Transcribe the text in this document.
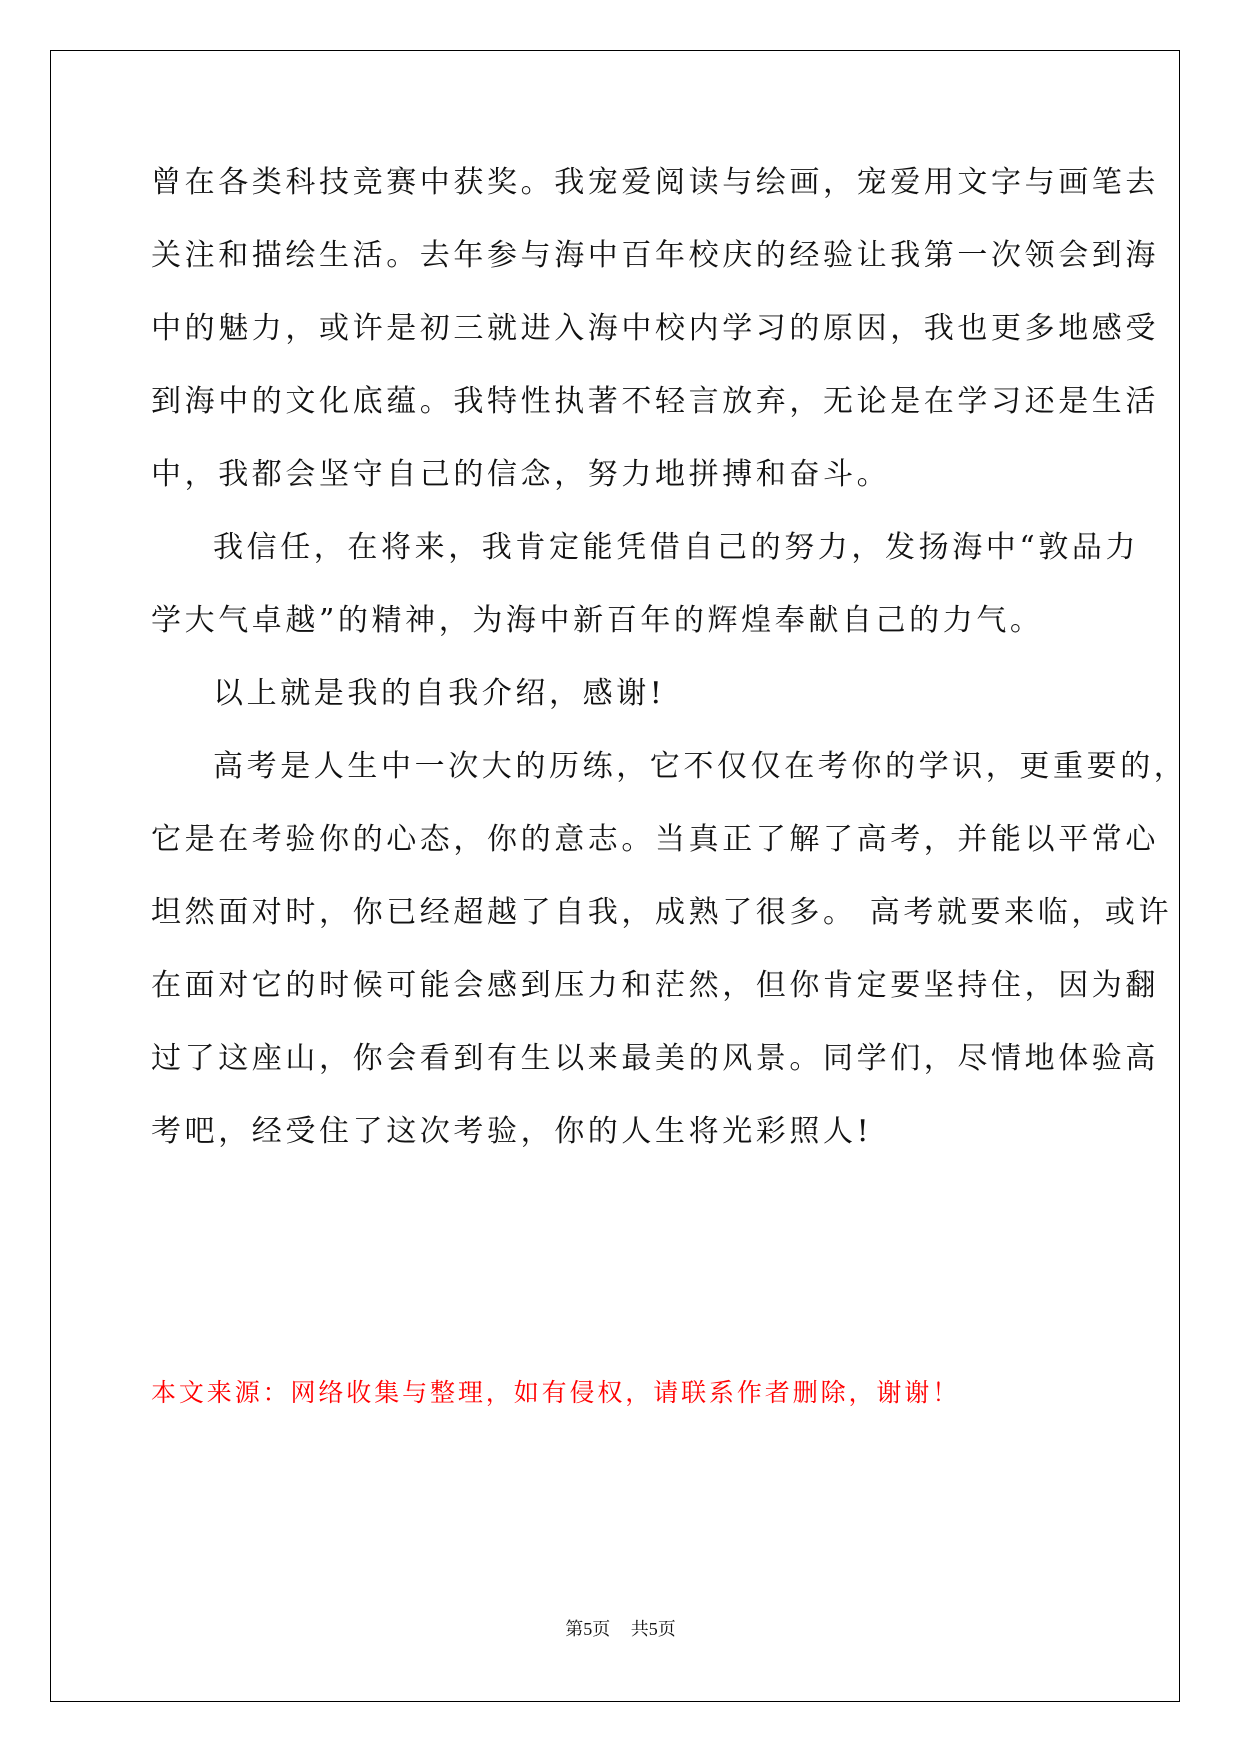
曾在各类科技竞赛中获奖。我宠爱阅读与绘画，宠爱用文字与画笔去
关注和描绘生活。去年参与海中百年校庆的经验让我第一次领会到海
中的魅力，或许是初三就进入海中校内学习的原因，我也更多地感受
到海中的文化底蕴。我特性执著不轻言放弃，无论是在学习还是生活
中，我都会坚守自己的信念，努力地拼搏和奋斗。
我信任，在将来，我肯定能凭借自己的努力，发扬海中“敦品力
学大气卓越”的精神，为海中新百年的辉煌奉献自己的力气。
以上就是我的自我介绍，感谢!
高考是人生中一次大的历练，它不仅仅在考你的学识，更重要的，
它是在考验你的心态，你的意志。当真正了解了高考，并能以平常心
坦然面对时，你已经超越了自我，成熟了很多。 高考就要来临，或许
在面对它的时候可能会感到压力和茫然，但你肯定要坚持住，因为翻
过了这座山，你会看到有生以来最美的风景。同学们，尽情地体验高
考吧，经受住了这次考验，你的人生将光彩照人!
本文来源：网络收集与整理，如有侵权，请联系作者删除，谢谢！
第5页 共5页
